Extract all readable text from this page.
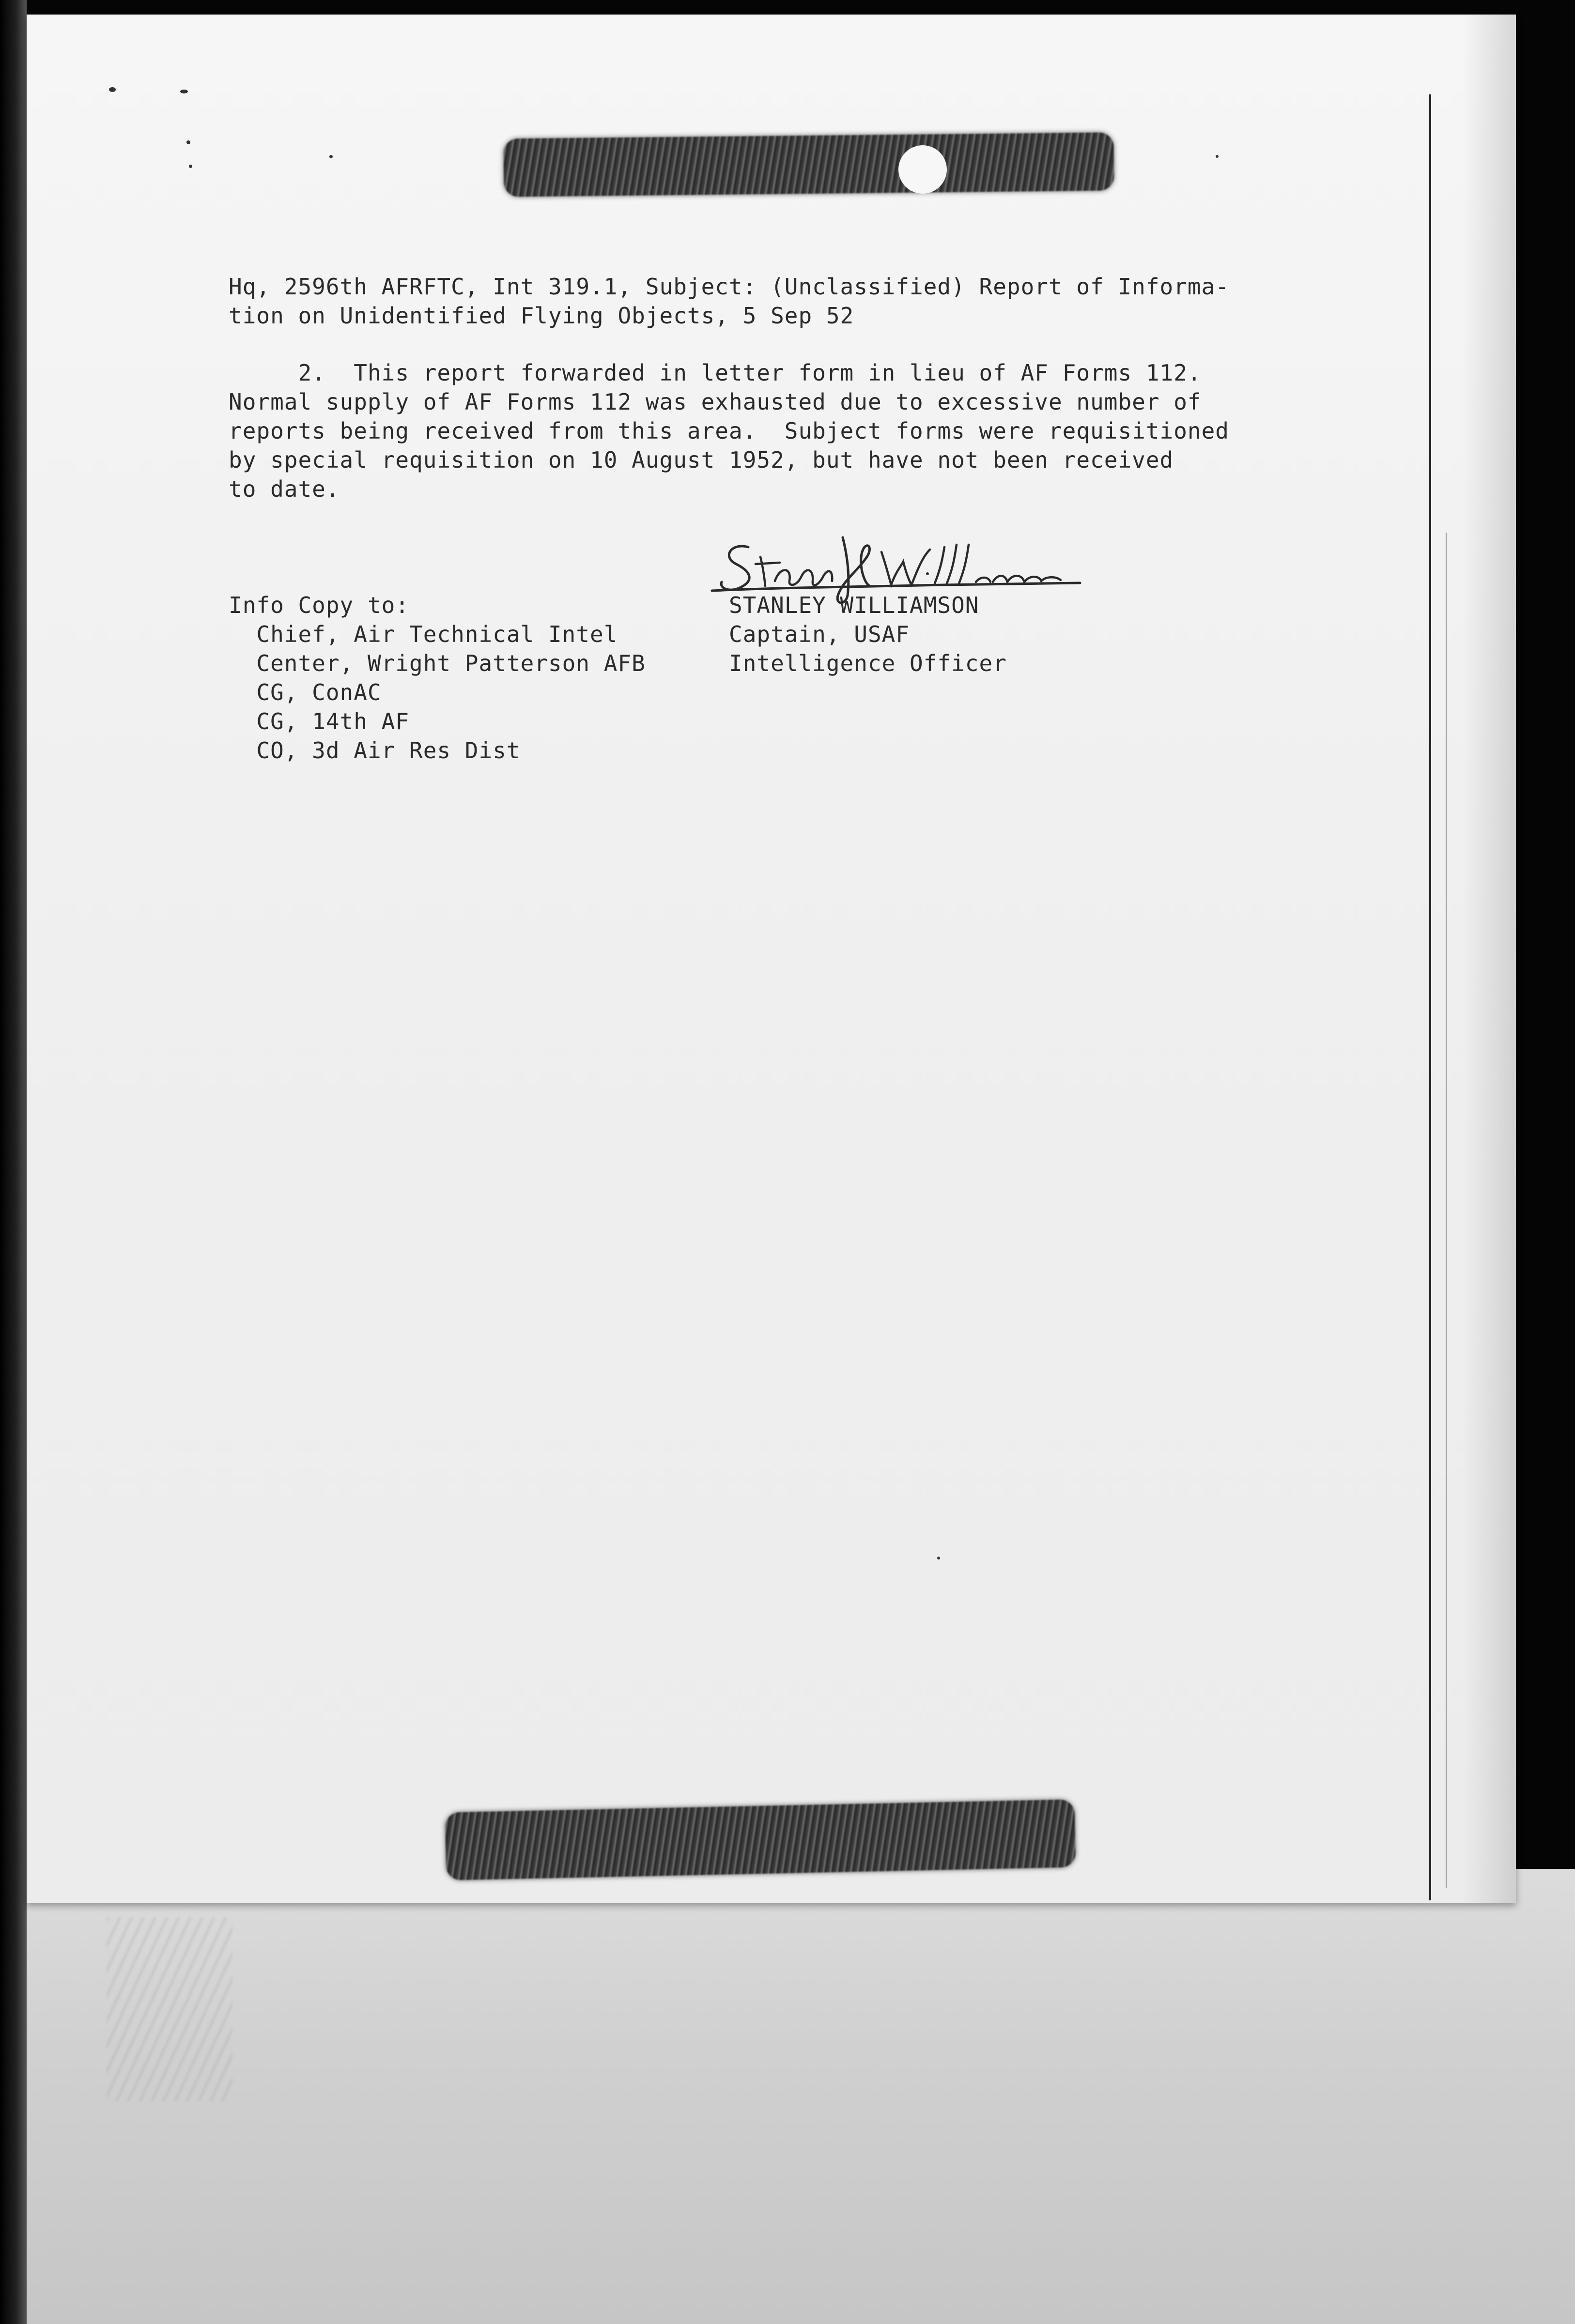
Hq, 2596th AFRFTC, Int 319.1, Subject: (Unclassified) Report of Informa-
tion on Unidentified Flying Objects, 5 Sep 52
2.  This report forwarded in letter form in lieu of AF Forms 112.
Normal supply of AF Forms 112 was exhausted due to excessive number of
reports being received from this area.  Subject forms were requisitioned
by special requisition on 10 August 1952, but have not been received
to date.
Info Copy to:
Chief, Air Technical Intel
Center, Wright Patterson AFB
CG, ConAC
CG, 14th AF
CO, 3d Air Res Dist
STANLEY WILLIAMSON
Captain, USAF
Intelligence Officer
